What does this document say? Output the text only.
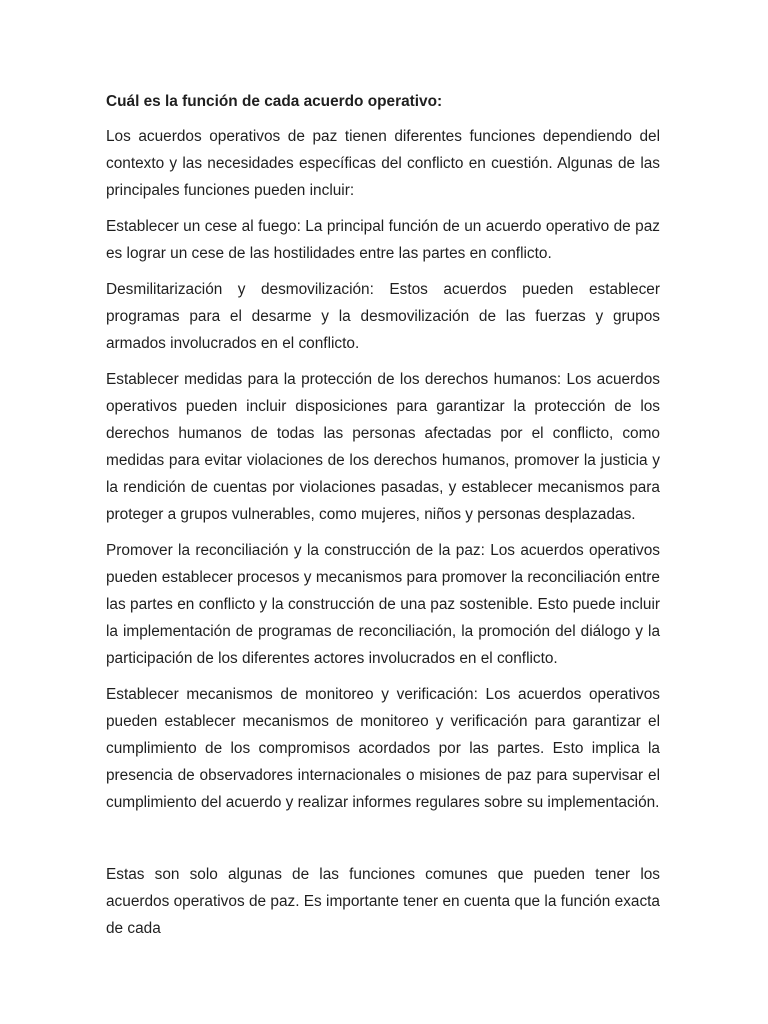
Cuál es la función de cada acuerdo operativo:

Los acuerdos operativos de paz tienen diferentes funciones dependiendo del contexto y las necesidades específicas del conflicto en cuestión. Algunas de las principales funciones pueden incluir:

Establecer un cese al fuego: La principal función de un acuerdo operativo de paz es lograr un cese de las hostilidades entre las partes en conflicto.

Desmilitarización y desmovilización: Estos acuerdos pueden establecer programas para el desarme y la desmovilización de las fuerzas y grupos armados involucrados en el conflicto.

Establecer medidas para la protección de los derechos humanos: Los acuerdos operativos pueden incluir disposiciones para garantizar la protección de los derechos humanos de todas las personas afectadas por el conflicto, como medidas para evitar violaciones de los derechos humanos, promover la justicia y la rendición de cuentas por violaciones pasadas, y establecer mecanismos para proteger a grupos vulnerables, como mujeres, niños y personas desplazadas.

Promover la reconciliación y la construcción de la paz: Los acuerdos operativos pueden establecer procesos y mecanismos para promover la reconciliación entre las partes en conflicto y la construcción de una paz sostenible. Esto puede incluir la implementación de programas de reconciliación, la promoción del diálogo y la participación de los diferentes actores involucrados en el conflicto.

Establecer mecanismos de monitoreo y verificación: Los acuerdos operativos pueden establecer mecanismos de monitoreo y verificación para garantizar el cumplimiento de los compromisos acordados por las partes. Esto implica la presencia de observadores internacionales o misiones de paz para supervisar el cumplimiento del acuerdo y realizar informes regulares sobre su implementación.

Estas son solo algunas de las funciones comunes que pueden tener los acuerdos operativos de paz. Es importante tener en cuenta que la función exacta de cada
